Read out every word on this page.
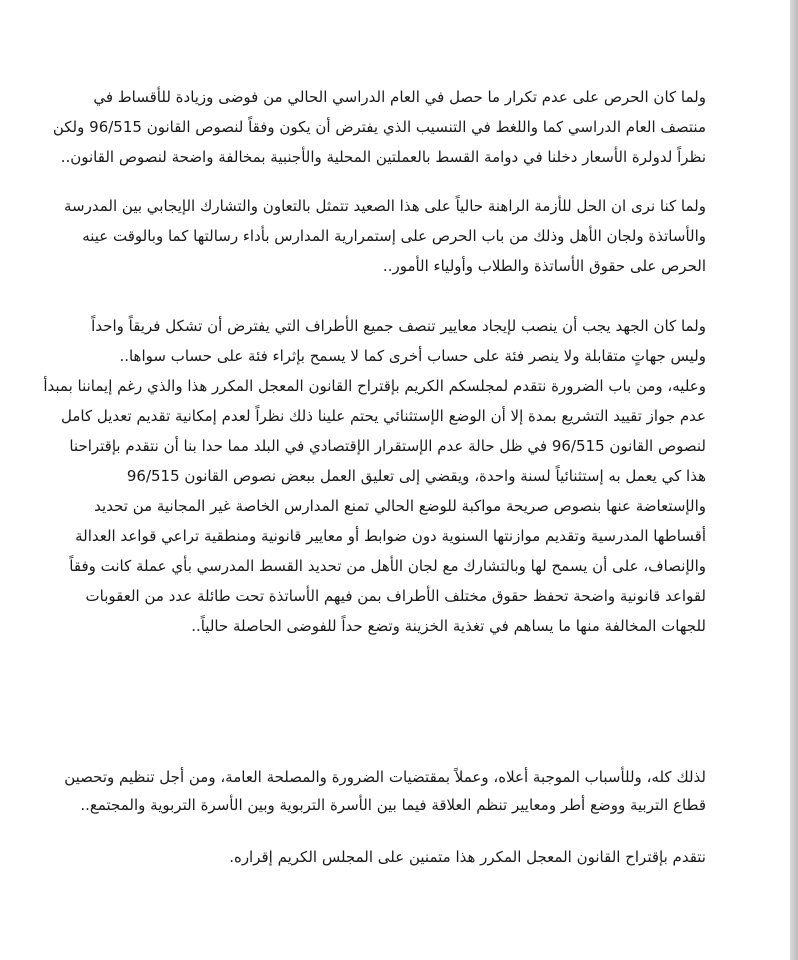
ولما كان الحرص على عدم تكرار ما حصل في العام الدراسي الحالي من فوضى وزيادة للأقساط في
منتصف العام الدراسي كما واللغط في التنسيب الذي يفترض أن يكون وفقاً لنصوص القانون 96/515 ولكن
نظراً لدولرة الأسعار دخلنا في دوامة القسط بالعملتين المحلية والأجنبية بمخالفة واضحة لنصوص القانون..
ولما كنا نرى ان الحل للأزمة الراهنة حالياً على هذا الصعيد تتمثل بالتعاون والتشارك الإيجابي بين المدرسة
والأساتذة ولجان الأهل وذلك من باب الحرص على إستمرارية المدارس بأداء رسالتها كما وبالوقت عينه
الحرص على حقوق الأساتذة والطلاب وأولياء الأمور..
ولما كان الجهد يجب أن ينصب لإيجاد معايير تنصف جميع الأطراف التي يفترض أن تشكل فريقاً واحداً
وليس جهاتٍ متقابلة ولا ينصر فئة على حساب أخرى كما لا يسمح بإثراء فئة على حساب سواها..
وعليه، ومن باب الضرورة نتقدم لمجلسكم الكريم بإقتراح القانون المعجل المكرر هذا والذي رغم إيماننا بمبدأ
عدم جواز تقييد التشريع بمدة إلا أن الوضع الإستثنائي يحتم علينا ذلك نظراً لعدم إمكانية تقديم تعديل كامل
لنصوص القانون 96/515 في ظل حالة عدم الإستقرار الإقتصادي في البلد مما حدا بنا أن نتقدم بإقتراحنا
هذا كي يعمل به إستثنائياً لسنة واحدة، ويقضي إلى تعليق العمل ببعض نصوص القانون 96/515
والإستعاضة عنها بنصوص صريحة مواكبة للوضع الحالي تمنع المدارس الخاصة غير المجانية من تحديد
أقساطها المدرسية وتقديم موازنتها السنوية دون ضوابط أو معايير قانونية ومنطقية تراعي قواعد العدالة
والإنصاف، على أن يسمح لها وبالتشارك مع لجان الأهل من تحديد القسط المدرسي بأي عملة كانت وفقاً
لقواعد قانونية واضحة تحفظ حقوق مختلف الأطراف بمن فيهم الأساتذة تحت طائلة عدد من العقوبات
للجهات المخالفة منها ما يساهم في تغذية الخزينة وتضع حداً للفوضى الحاصلة حالياً..
لذلك كله، وللأسباب الموجبة أعلاه، وعملاً بمقتضيات الضرورة والمصلحة العامة، ومن أجل تنظيم وتحصين
قطاع التربية ووضع أطر ومعايير تنظم العلاقة فيما بين الأسرة التربوية وبين الأسرة التربوية والمجتمع..
نتقدم بإقتراح القانون المعجل المكرر هذا متمنين على المجلس الكريم إقراره.
